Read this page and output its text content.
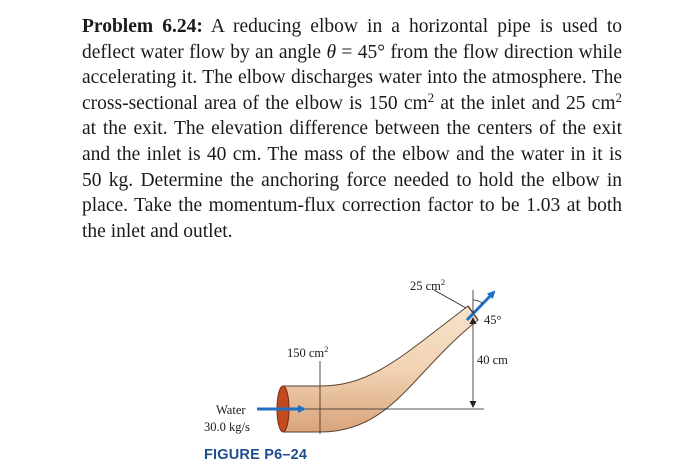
Problem 6.24: A reducing elbow in a horizontal pipe is used to deflect water flow by an angle θ = 45° from the flow direction while accelerating it. The elbow discharges water into the atmosphere. The cross-sectional area of the elbow is 150 $cm^2$ at the inlet and 25 $cm^2$ at the exit. The elevation difference between the centers of the exit and the inlet is 40 cm. The mass of the elbow and the water in it is 50 kg. Determine the anchoring force needed to hold the elbow in place. Take the momentum-flux correction factor to be 1.03 at both the inlet and outlet.

25 $cm^2$
150 $cm^2$
45°
40 cm
Water
30.0 kg/s
FIGURE P6–24
